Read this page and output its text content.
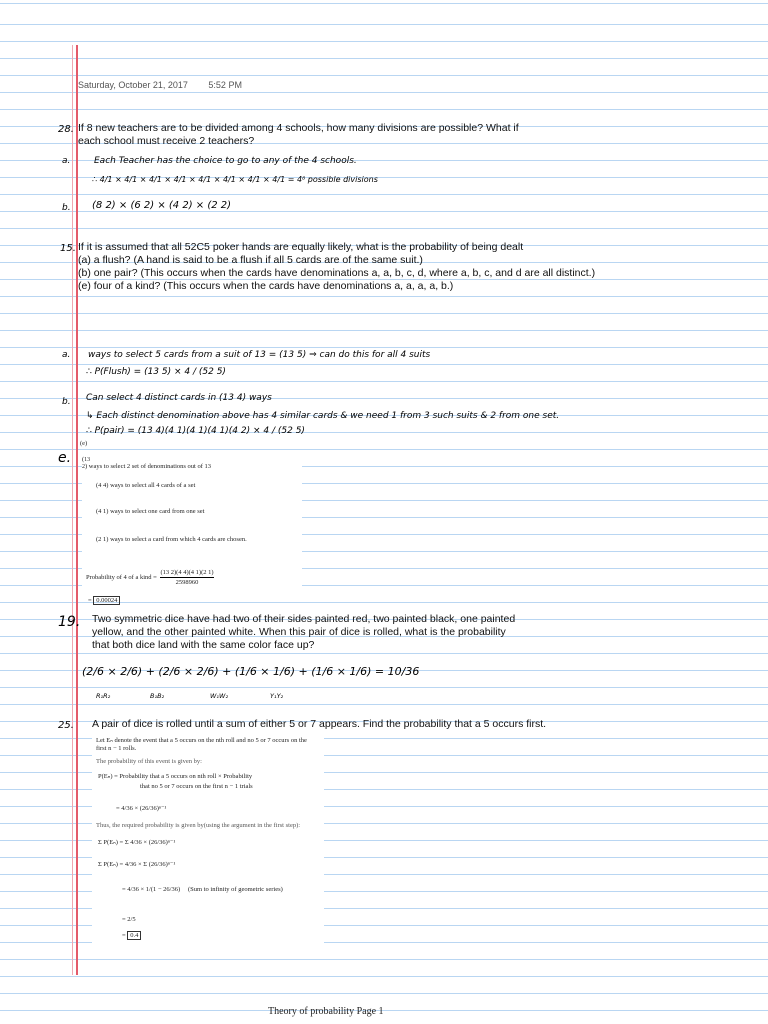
Saturday, October 21, 2017 5:52 PM
28. If 8 new teachers are to be divided among 4 schools, how many divisions are possible? What if
each school must receive 2 teachers?
a.	Each Teacher has the choice to go to any of the 4 schools.
∴ 4/1 × 4/1 × 4/1 × 4/1 × 4/1 × 4/1 × 4/1 × 4/1 = 4⁸ possible divisions
b. (8 2) × (6 2) × (4 2) × (2 2)
15. If it is assumed that all 52C5 poker hands are equally likely, what is the probability of being dealt
(a) a flush? (A hand is said to be a flush if all 5 cards are of the same suit.)
(b) one pair? (This occurs when the cards have denominations a, a, b, c, d, where a, b, c, and d are all distinct.)
(e) four of a kind? (This occurs when the cards have denominations a, a, a, a, b.)
a. ways to select 5 cards from a suit of 13 = (13 5) ⇒ can do this for all 4 suits
∴ P(Flush) = (13 5) × 4 / (52 5)
b. Can select 4 distinct cards in (13 4) ways
↳ Each distinct denomination above has 4 similar cards & we need 1 from 3 such suits & 2 from one set.
∴ P(pair) = (13 4)(4 1)(4 1)(4 1)(4 2) × 4 / (52 5)
e.
(e)
(13
2) ways to select 2 set of denominations out of 13
(4 4) ways to select all 4 cards of a set
(4 1) ways to select one card from one set
(2 1) ways to select a card from which 4 cards are chosen.
Probability of 4 of a kind = $\frac{(13 2)(4 4)(4 1)(2 1)}{2598960}$
= 0.00024
19. Two symmetric dice have had two of their sides painted red, two painted black, one painted
yellow, and the other painted white. When this pair of dice is rolled, what is the probability
that both dice land with the same color face up?
(2/6 × 2/6) + (2/6 × 2/6) + (1/6 × 1/6) + (1/6 × 1/6) = 10/36
R₁R₂	B₁B₂	W₁W₂	Y₁Y₂
25. A pair of dice is rolled until a sum of either 5 or 7 appears. Find the probability that a 5 occurs first.
Let Eₙ denote the event that a 5 occurs on the nth roll and no 5 or 7 occurs on the
first n − 1 rolls.
The probability of this event is given by:
P(Eₙ) = Probability that a 5 occurs on nth roll × Probability
that no 5 or 7 occurs on the first n − 1 trials
= 4/36 × (26/36)ⁿ⁻¹
Thus, the required probability is given by(using the argument in the first step):
Σ P(Eₙ) = Σ 4/36 × (26/36)ⁿ⁻¹
Σ P(Eₙ) = 4/36 × Σ (26/36)ⁿ⁻¹
= 4/36 × 1/(1 − 26/36) (Sum to infinity of geometric series)
= 2/5
= 0.4
Theory of probability Page 1
